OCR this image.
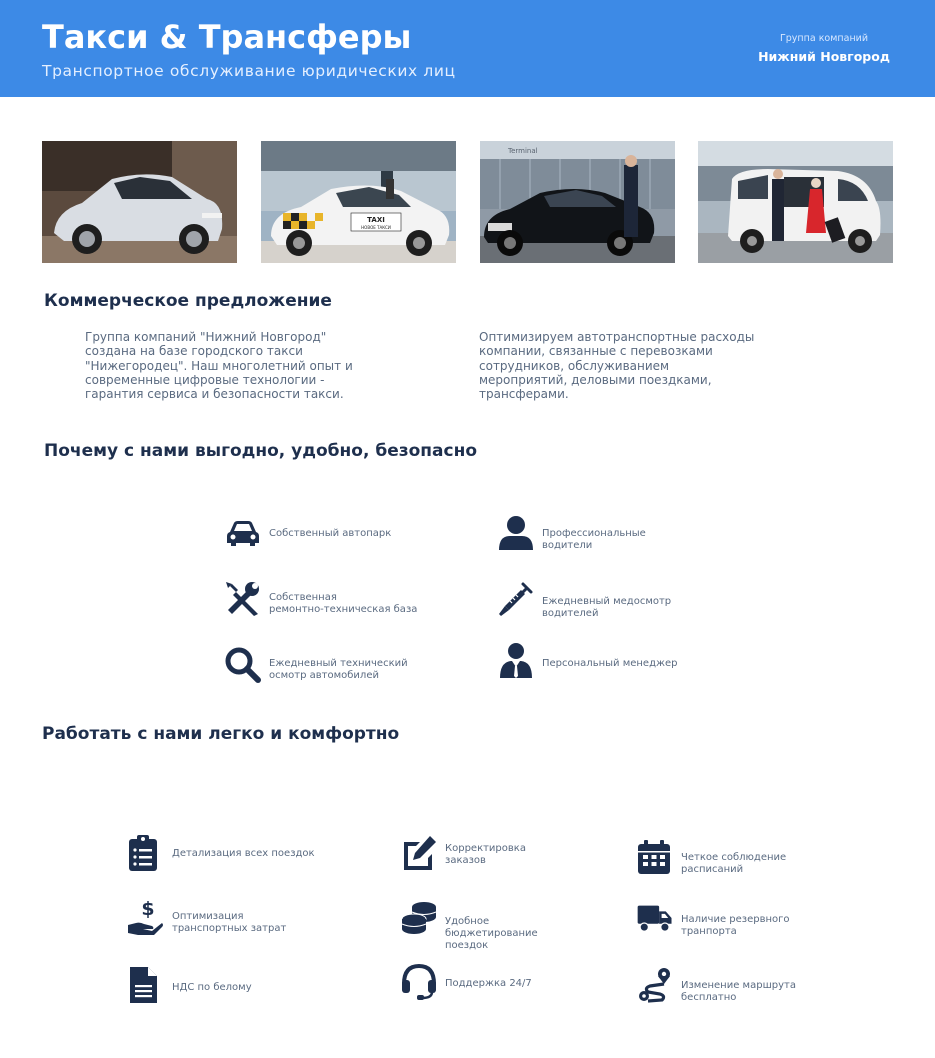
Такси & Трансферы
Транспортное обслуживание юридических лиц
Группа компаний
Нижний Новгород
TAXI
НОВОЕ ТАКСИ
Terminal
Коммерческое предложение
Группа компаний "Нижний Новгород"
создана на базе городского такси
"Нижегородец". Наш многолетний опыт и
современные цифровые технологии -
гарантия сервиса и безопасности такси.
Оптимизируем автотранспортные расходы
компании, связанные с перевозками
сотрудников, обслуживанием
мероприятий, деловыми поездками,
трансферами.
Почему с нами выгодно, удобно, безопасно
Собственный автопарк	Профессиональные
водители
Собственная
ремонтно-техническая база
Ежедневный медосмотр
водителей
Ежедневный технический
осмотр автомобилей
Персональный менеджер
Работать с нами легко и комфортно
Детализация всех поездок	Корректировка
заказов	Четкое соблюдение
расписаний
$ Оптимизация
транспортных затрат
Удобное
бюджетирование
поездок
Наличие резервного
транпорта
НДС по белому	Поддержка 24/7	Изменение маршрута
бесплатно
